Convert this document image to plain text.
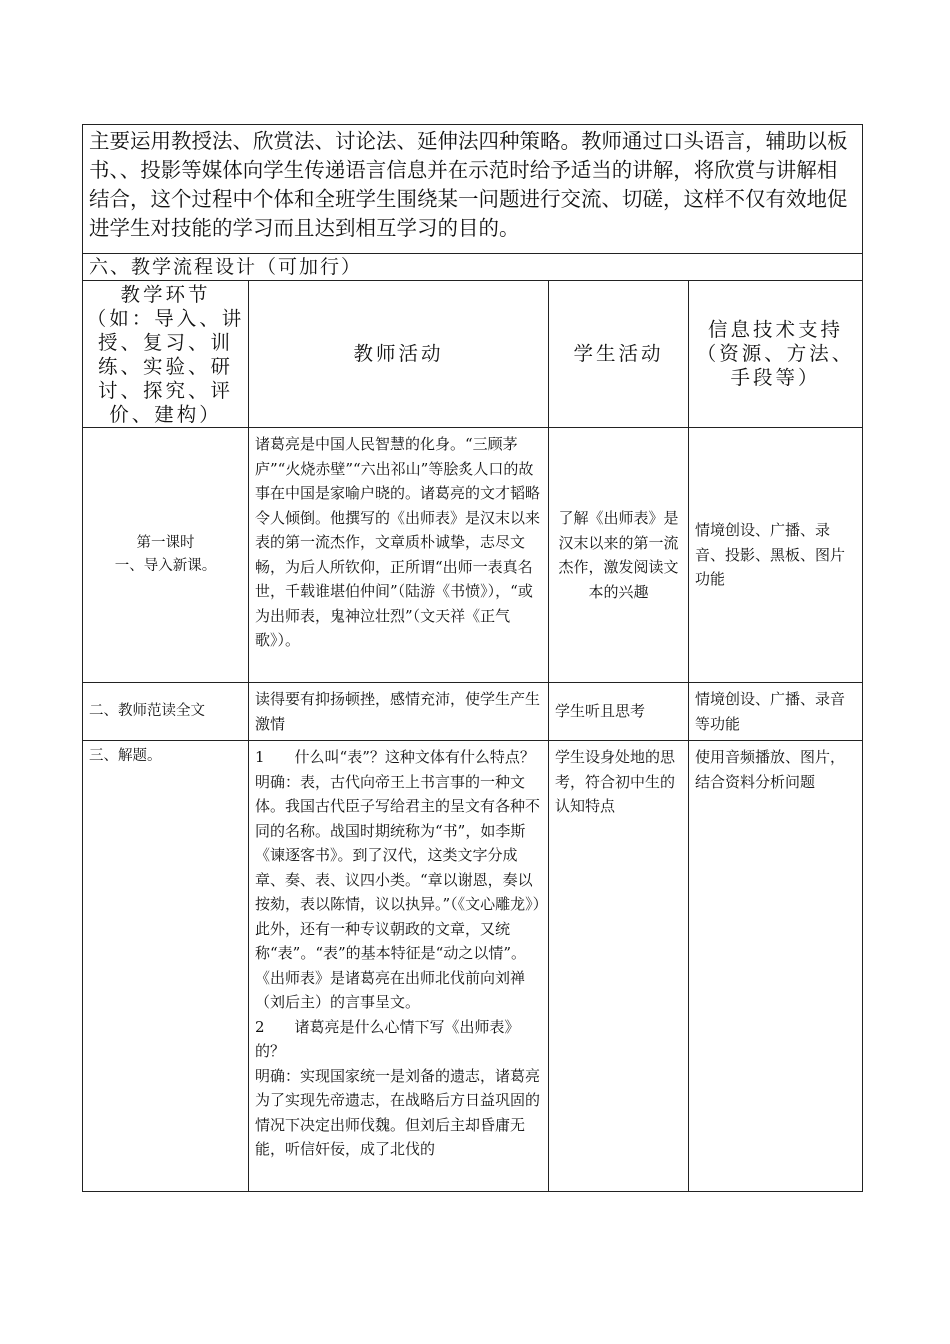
主要运用教授法、欣赏法、讨论法、延伸法四种策略。教师通过口头语言，辅助以板书、、投影等媒体向学生传递语言信息并在示范时给予适当的讲解，将欣赏与讲解相结合，这个过程中个体和全班学生围绕某一问题进行交流、切磋，这样不仅有效地促进学生对技能的学习而且达到相互学习的目的。			
六、教学流程设计（可加行）			
教学环节
（如：导入、讲授、复习、训练、实验、研讨、探究、评价、建构）	教师活动	学生活动	信息技术支持
（资源、方法、手段等）
第一课时
一、导入新课。	诸葛亮是中国人民智慧的化身。“三顾茅庐”“火烧赤壁”“六出祁山”等脍炙人口的故事在中国是家喻户晓的。诸葛亮的文才韬略令人倾倒。他撰写的《出师表》是汉末以来表的第一流杰作，文章质朴诚挚，志尽文畅，为后人所钦仰，正所谓“出师一表真名世，千载谁堪伯仲间”（陆游《书愤》），“或为出师表，鬼神泣壮烈”（文天祥《正气歌》）。	了解《出师表》是汉末以来的第一流杰作，激发阅读文本的兴趣	情境创设、广播、录音、投影、黑板、图片功能
二、教师范读全文	读得要有抑扬顿挫，感情充沛，使学生产生激情	学生听且思考	情境创设、广播、录音等功能
三、解题。	1　　什么叫“表”？这种文体有什么特点？
明确：表，古代向帝王上书言事的一种文体。我国古代臣子写给君主的呈文有各种不同的名称。战国时期统称为“书”，如李斯《谏逐客书》。到了汉代，这类文字分成章、奏、表、议四小类。“章以谢恩，奏以按劾，表以陈情，议以执异。”（《文心雕龙》）此外，还有一种专议朝政的文章，又统称“表”。“表”的基本特征是“动之以情”。《出师表》是诸葛亮在出师北伐前向刘禅（刘后主）的言事呈文。
2　　诸葛亮是什么心情下写《出师表》的？
明确：实现国家统一是刘备的遗志，诸葛亮为了实现先帝遗志，在战略后方日益巩固的情况下决定出师伐魏。但刘后主却昏庸无能，听信奸佞，成了北伐的	学生设身处地的思考，符合初中生的认知特点	使用音频播放、图片，结合资料分析问题
